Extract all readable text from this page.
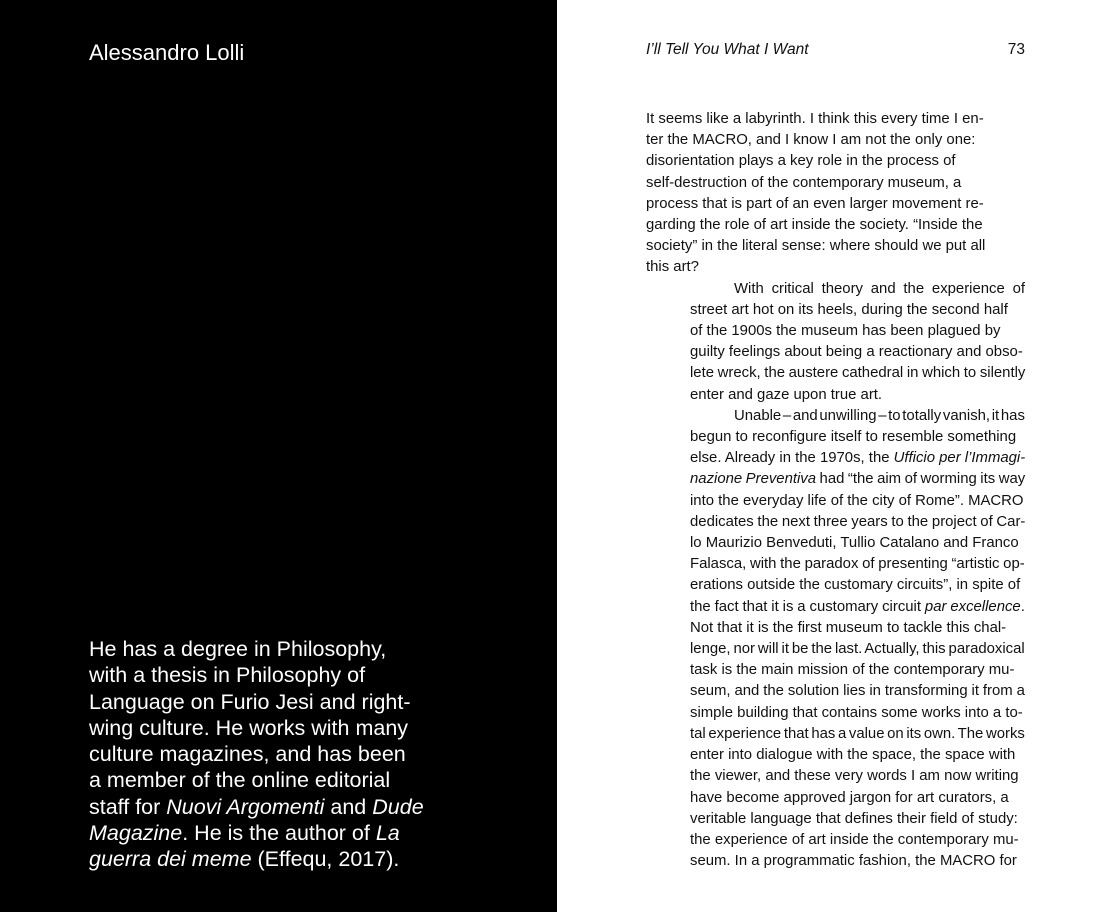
Alessandro Lolli

He has a degree in Philosophy,
with a thesis in Philosophy of
Language on Furio Jesi and right-
wing culture. He works with many
culture magazines, and has been
a member of the online editorial
staff for Nuovi Argomenti and Dude
Magazine. He is the author of La
guerra dei meme (Effequ, 2017).

I’ll Tell You What I Want	73

It seems like a labyrinth. I think this every time I en-
ter the MACRO, and I know I am not the only one:
disorientation plays a key role in the process of
self-destruction of the contemporary museum, a
process that is part of an even larger movement re-
garding the role of art inside the society. “Inside the
society” in the literal sense: where should we put all
this art?

With critical theory and the experience of

street art hot on its heels, during the second half
of the 1900s the museum has been plagued by
guilty feelings about being a reactionary and obso-
lete wreck, the austere cathedral in which to silently
enter and gaze upon true art.

Unable – and unwilling – to totally vanish, it has

begun to reconfigure itself to resemble something
else. Already in the 1970s, the Ufficio per l’Immagi-
nazione Preventiva had “the aim of worming its way
into the everyday life of the city of Rome”. MACRO
dedicates the next three years to the project of Car-
lo Maurizio Benveduti, Tullio Catalano and Franco
Falasca, with the paradox of presenting “artistic op-
erations outside the customary circuits”, in spite of
the fact that it is a customary circuit par excellence.
Not that it is the first museum to tackle this chal-
lenge, nor will it be the last. Actually, this paradoxical
task is the main mission of the contemporary mu-
seum, and the solution lies in transforming it from a
simple building that contains some works into a to-
tal experience that has a value on its own. The works
enter into dialogue with the space, the space with
the viewer, and these very words I am now writing
have become approved jargon for art curators, a
veritable language that defines their field of study:
the experience of art inside the contemporary mu-
seum. In a programmatic fashion, the MACRO for
